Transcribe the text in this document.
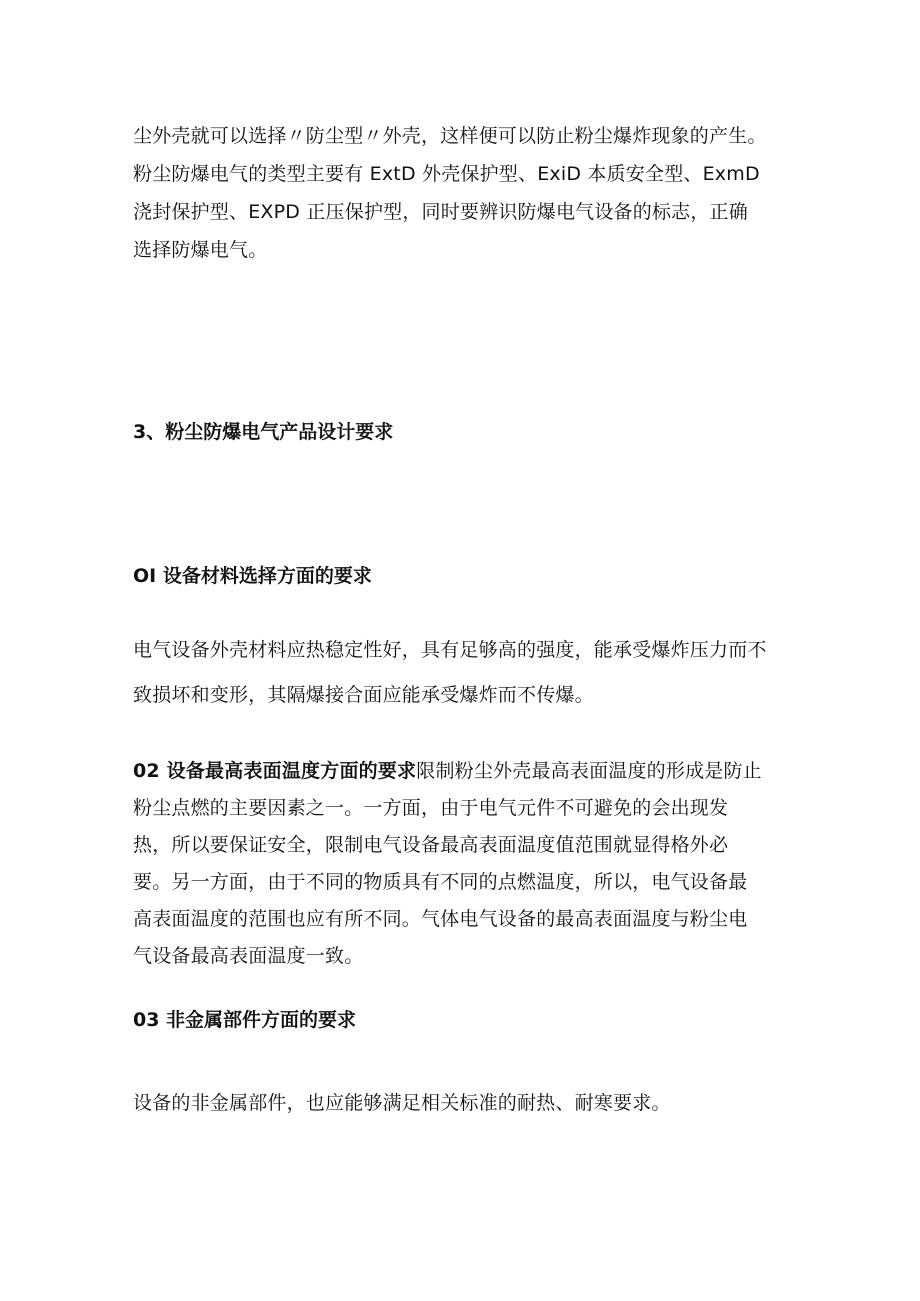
尘外壳就可以选择〃防尘型〃外壳，这样便可以防止粉尘爆炸现象的产生。
粉尘防爆电气的类型主要有 ExtD 外壳保护型、ExiD 本质安全型、ExmD
浇封保护型、EXPD 正压保护型，同时要辨识防爆电气设备的标志，正确
选择防爆电气。
3、粉尘防爆电气产品设计要求
OI 设备材料选择方面的要求
电气设备外壳材料应热稳定性好，具有足够高的强度，能承受爆炸压力而不
致损坏和变形，其隔爆接合面应能承受爆炸而不传爆。
02 设备最高表面温度方面的要求限制粉尘外壳最高表面温度的形成是防止
粉尘点燃的主要因素之一。一方面，由于电气元件不可避免的会出现发
热，所以要保证安全，限制电气设备最高表面温度值范围就显得格外必
要。另一方面，由于不同的物质具有不同的点燃温度，所以，电气设备最
高表面温度的范围也应有所不同。气体电气设备的最高表面温度与粉尘电
气设备最高表面温度一致。
03 非金属部件方面的要求
设备的非金属部件，也应能够满足相关标准的耐热、耐寒要求。
